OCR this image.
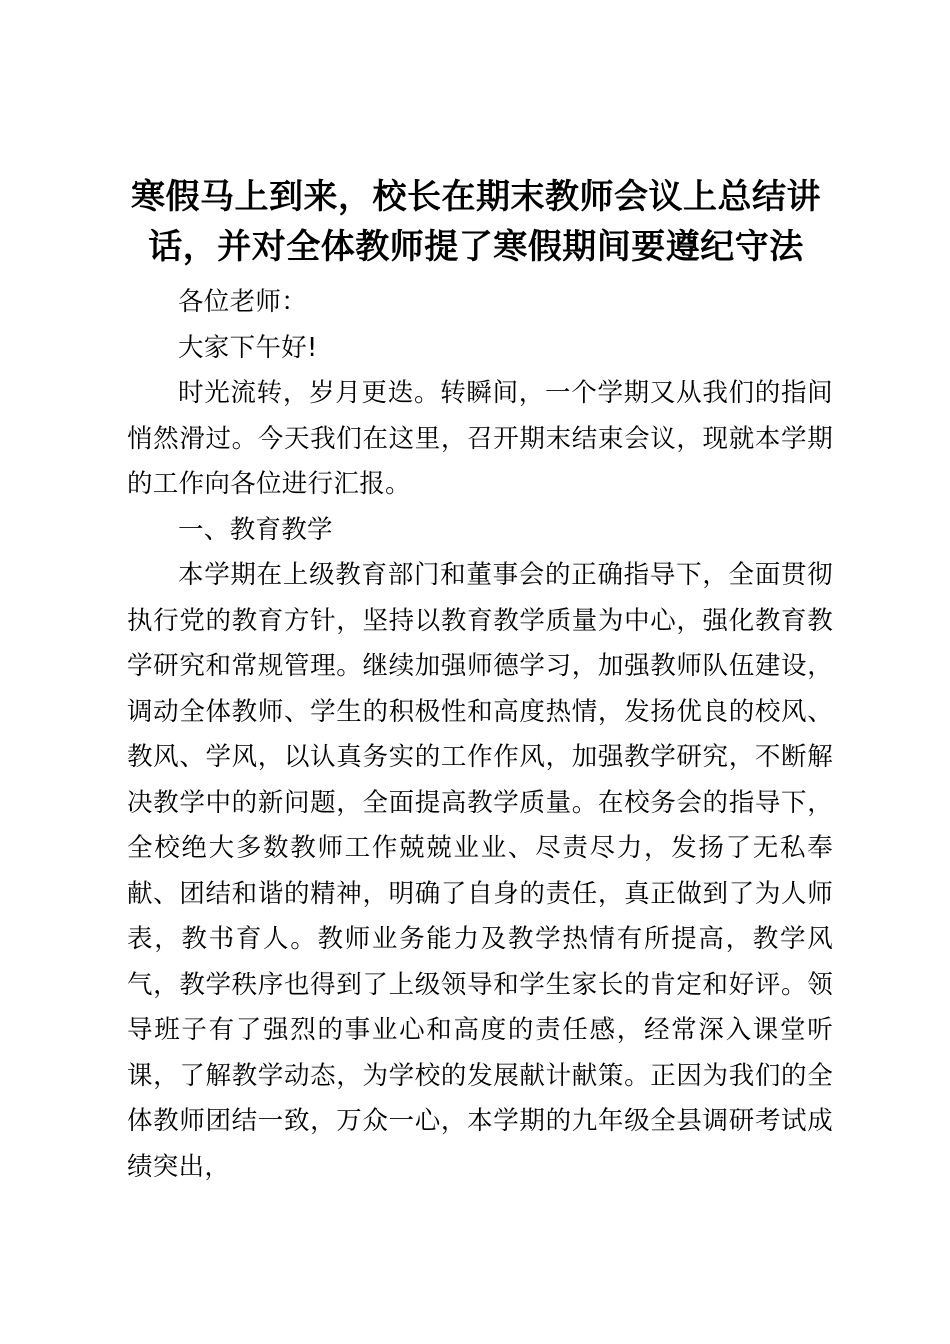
寒假马上到来，校长在期末教师会议上总结讲话，并对全体教师提了寒假期间要遵纪守法

各位老师：

大家下午好!

时光流转，岁月更迭。转瞬间，一个学期又从我们的指间悄然滑过。今天我们在这里，召开期末结束会议，现就本学期的工作向各位进行汇报。

一、教育教学

本学期在上级教育部门和董事会的正确指导下，全面贯彻执行党的教育方针，坚持以教育教学质量为中心，强化教育教学研究和常规管理。继续加强师德学习，加强教师队伍建设，调动全体教师、学生的积极性和高度热情，发扬优良的校风、教风、学风，以认真务实的工作作风，加强教学研究，不断解决教学中的新问题，全面提高教学质量。在校务会的指导下，全校绝大多数教师工作兢兢业业、尽责尽力，发扬了无私奉献、团结和谐的精神，明确了自身的责任，真正做到了为人师表，教书育人。教师业务能力及教学热情有所提高，教学风气，教学秩序也得到了上级领导和学生家长的肯定和好评。领导班子有了强烈的事业心和高度的责任感，经常深入课堂听课，了解教学动态，为学校的发展献计献策。正因为我们的全体教师团结一致，万众一心，本学期的九年级全县调研考试成绩突出，
